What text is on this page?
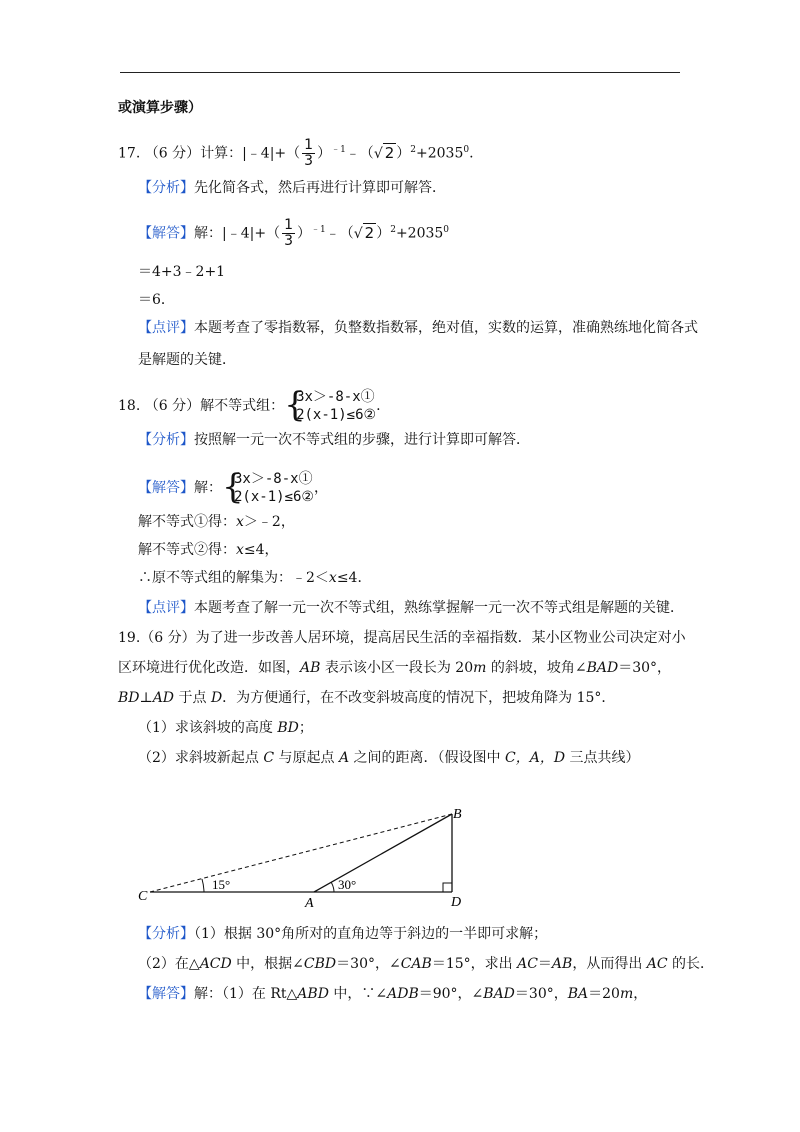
或演算步骤）
17. （6 分）计算：|﹣4|+（ $\frac{1}{3}$ ）$^{﹣1}$﹣（√ 2 ）$^2+2035^0$.
【分析】先化简各式，然后再进行计算即可解答．
【解答】解：|﹣4|+（ $\frac{1}{3}$ ）$^{﹣1}$﹣（√ 2 ）$^2+2035^0$
＝4+3﹣2+1
＝6．
【点评】本题考查了零指数幂，负整数指数幂，绝对值，实数的运算，准确熟练地化简各式
是解题的关键．
18. （6 分）解不等式组： {
3x＞-8-x①
2(x-1)≤6②
.
【分析】按照解一元一次不等式组的步骤，进行计算即可解答．
【解答】解： {
3x＞-8-x①
2(x-1)≤6②
，
解不等式①得：x＞﹣2，
解不等式②得：x≤4，
∴原不等式组的解集为：﹣2＜x≤4．
【点评】本题考查了解一元一次不等式组，熟练掌握解一元一次不等式组是解题的关键．
19.（6 分）为了进一步改善人居环境，提高居民生活的幸福指数．某小区物业公司决定对小
区环境进行优化改造．如图，AB 表示该小区一段长为 20m 的斜坡，坡角∠BAD＝30°，
BD⊥AD 于点 D．为方便通行，在不改变斜坡高度的情况下，把坡角降为 15°．
（1）求该斜坡的高度 BD；
（2）求斜坡新起点 C 与原起点 A 之间的距离．（假设图中 C，A，D 三点共线）
B
C	A	D
15°	30°
【分析】（1）根据 30°角所对的直角边等于斜边的一半即可求解；
（2）在△ACD 中，根据∠CBD＝30°，∠CAB＝15°，求出 AC＝AB，从而得出 AC 的长．
【解答】解：（1）在 Rt△ABD 中，∵∠ADB＝90°，∠BAD＝30°，BA＝20m，
